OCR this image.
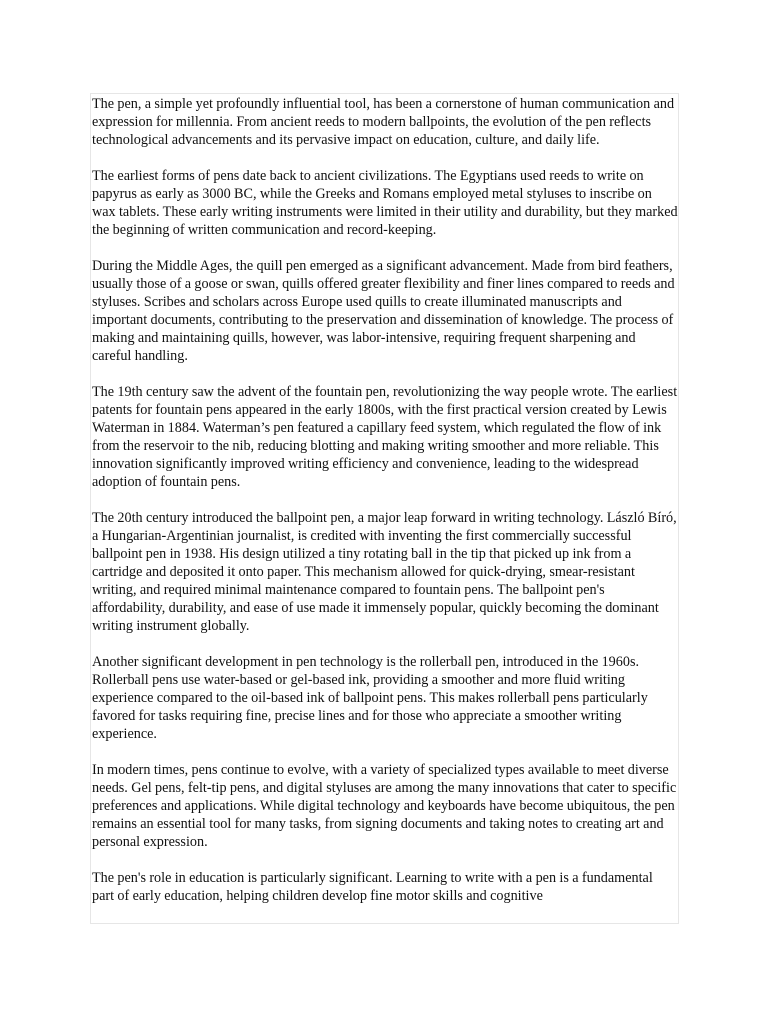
The pen, a simple yet profoundly influential tool, has been a cornerstone of human communication and expression for millennia. From ancient reeds to modern ballpoints, the evolution of the pen reflects technological advancements and its pervasive impact on education, culture, and daily life.

The earliest forms of pens date back to ancient civilizations. The Egyptians used reeds to write on papyrus as early as 3000 BC, while the Greeks and Romans employed metal styluses to inscribe on wax tablets. These early writing instruments were limited in their utility and durability, but they marked the beginning of written communication and record-keeping.

During the Middle Ages, the quill pen emerged as a significant advancement. Made from bird feathers, usually those of a goose or swan, quills offered greater flexibility and finer lines compared to reeds and styluses. Scribes and scholars across Europe used quills to create illuminated manuscripts and important documents, contributing to the preservation and dissemination of knowledge. The process of making and maintaining quills, however, was labor-intensive, requiring frequent sharpening and careful handling.

The 19th century saw the advent of the fountain pen, revolutionizing the way people wrote. The earliest patents for fountain pens appeared in the early 1800s, with the first practical version created by Lewis Waterman in 1884. Waterman’s pen featured a capillary feed system, which regulated the flow of ink from the reservoir to the nib, reducing blotting and making writing smoother and more reliable. This innovation significantly improved writing efficiency and convenience, leading to the widespread adoption of fountain pens.

The 20th century introduced the ballpoint pen, a major leap forward in writing technology. László Bíró, a Hungarian-Argentinian journalist, is credited with inventing the first commercially successful ballpoint pen in 1938. His design utilized a tiny rotating ball in the tip that picked up ink from a cartridge and deposited it onto paper. This mechanism allowed for quick-drying, smear-resistant writing, and required minimal maintenance compared to fountain pens. The ballpoint pen's affordability, durability, and ease of use made it immensely popular, quickly becoming the dominant writing instrument globally.

Another significant development in pen technology is the rollerball pen, introduced in the 1960s. Rollerball pens use water-based or gel-based ink, providing a smoother and more fluid writing experience compared to the oil-based ink of ballpoint pens. This makes rollerball pens particularly favored for tasks requiring fine, precise lines and for those who appreciate a smoother writing experience.

In modern times, pens continue to evolve, with a variety of specialized types available to meet diverse needs. Gel pens, felt-tip pens, and digital styluses are among the many innovations that cater to specific preferences and applications. While digital technology and keyboards have become ubiquitous, the pen remains an essential tool for many tasks, from signing documents and taking notes to creating art and personal expression.

The pen's role in education is particularly significant. Learning to write with a pen is a fundamental part of early education, helping children develop fine motor skills and cognitive
